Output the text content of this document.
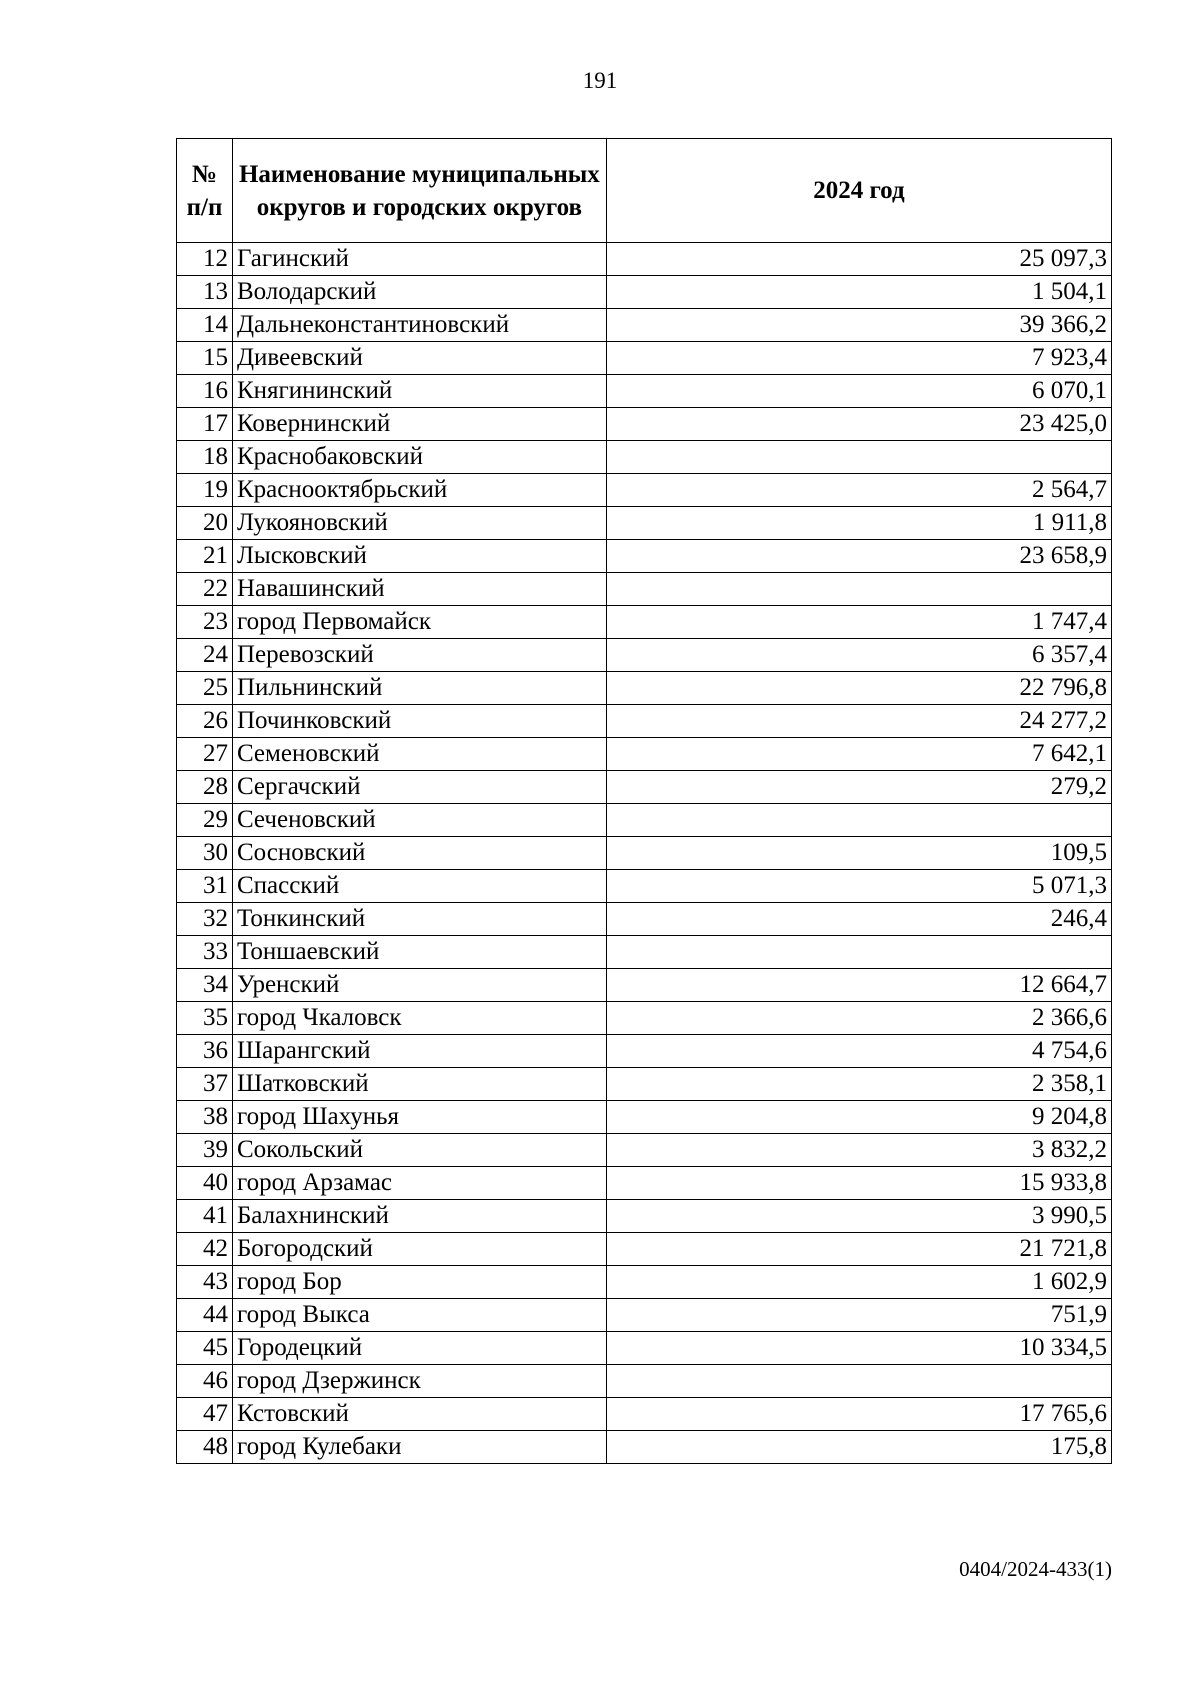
191
№ п/п	Наименование муниципальных округов и городских округов	2024 год
12	Гагинский	25 097,3
13	Володарский	1 504,1
14	Дальнеконстантиновский	39 366,2
15	Дивеевский	7 923,4
16	Княгининский	6 070,1
17	Ковернинский	23 425,0
18	Краснобаковский	
19	Краснооктябрьский	2 564,7
20	Лукояновский	1 911,8
21	Лысковский	23 658,9
22	Навашинский	
23	город Первомайск	1 747,4
24	Перевозский	6 357,4
25	Пильнинский	22 796,8
26	Починковский	24 277,2
27	Семеновский	7 642,1
28	Сергачский	279,2
29	Сеченовский	
30	Сосновский	109,5
31	Спасский	5 071,3
32	Тонкинский	246,4
33	Тоншаевский	
34	Уренский	12 664,7
35	город Чкаловск	2 366,6
36	Шарангский	4 754,6
37	Шатковский	2 358,1
38	город Шахунья	9 204,8
39	Сокольский	3 832,2
40	город Арзамас	15 933,8
41	Балахнинский	3 990,5
42	Богородский	21 721,8
43	город Бор	1 602,9
44	город Выкса	751,9
45	Городецкий	10 334,5
46	город Дзержинск	
47	Кстовский	17 765,6
48	город Кулебаки	175,8
0404/2024-433(1)
